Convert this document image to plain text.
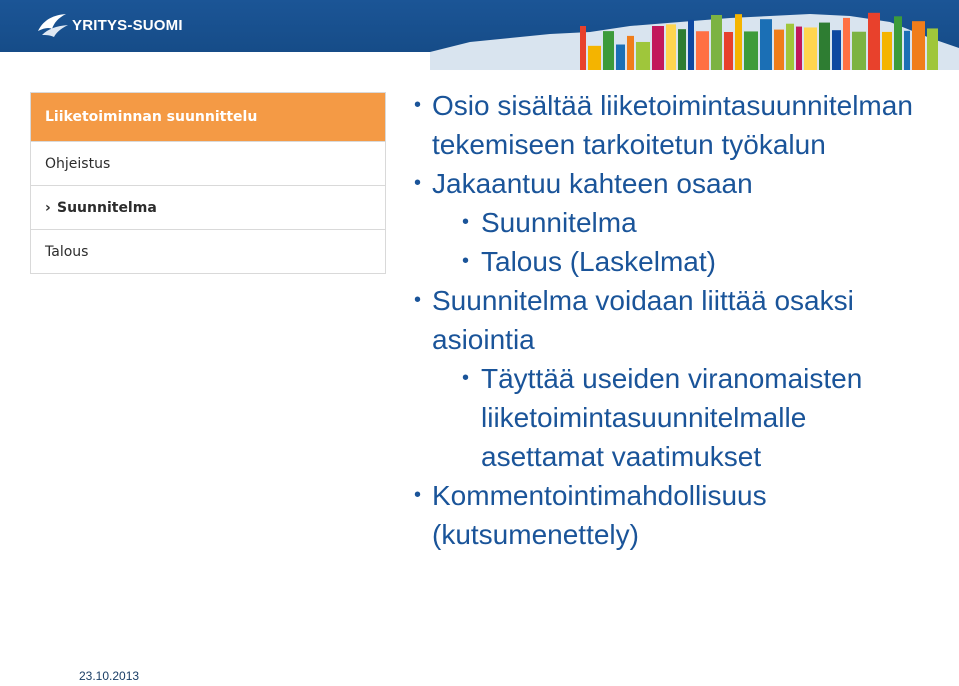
YRITYS-SUOMI
Liiketoiminnan suunnittelu
Ohjeistus
› Suunnitelma
Talous

• Osio sisältää liiketoimintasuunnitelman tekemiseen tarkoitetun työkalun

• Jakaantuu kahteen osaan

• Suunnitelma

• Talous (Laskelmat)

• Suunnitelma voidaan liittää osaksi asiointia

• Täyttää useiden viranomaisten liiketoimintasuunnitelmalle asettamat vaatimukset

• Kommentointimahdollisuus (kutsumenettely)

23.10.2013
